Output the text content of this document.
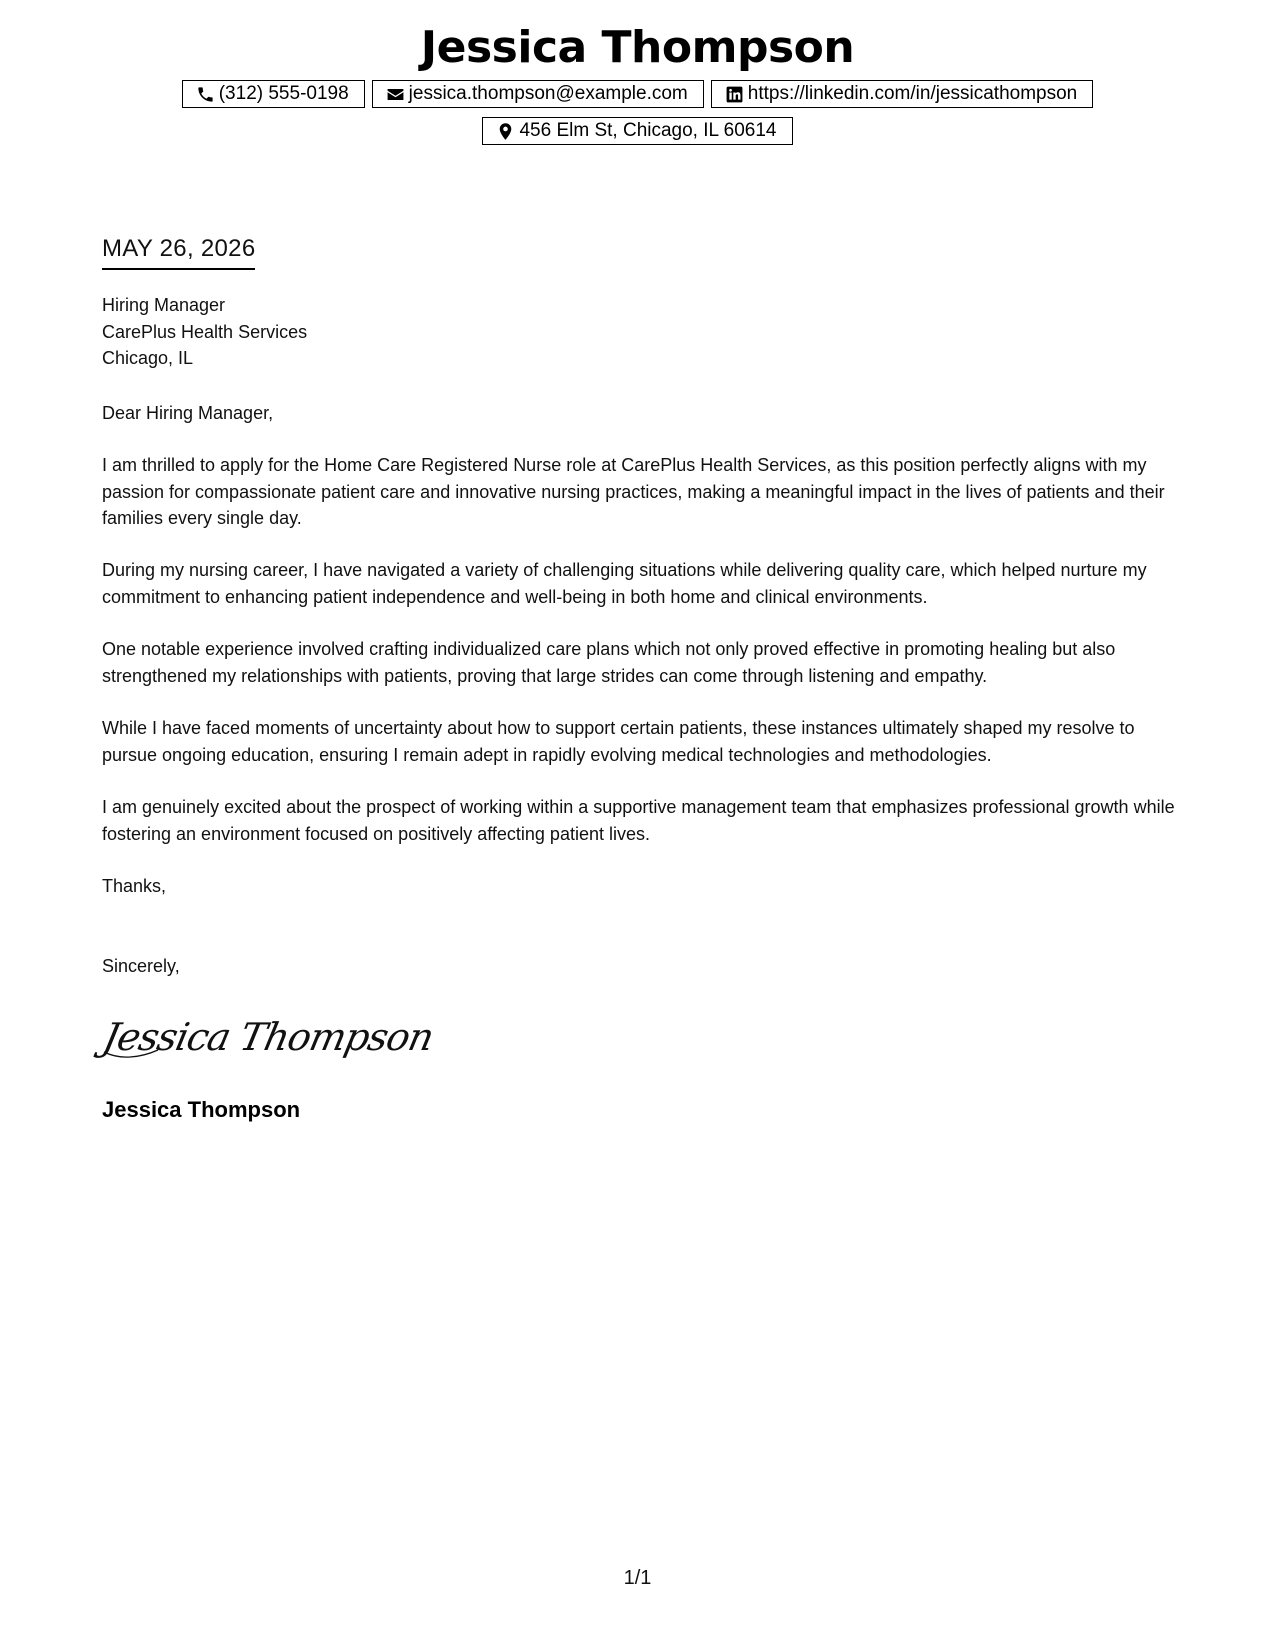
Jessica Thompson
(312) 555-0198	jessica.thompson@example.com	https://linkedin.com/in/jessicathompson
456 Elm St, Chicago, IL 60614
MAY 26, 2026
Hiring Manager
CarePlus Health Services
Chicago, IL

Dear Hiring Manager,

I am thrilled to apply for the Home Care Registered Nurse role at CarePlus Health Services, as this position perfectly aligns with my passion for compassionate patient care and innovative nursing practices, making a meaningful impact in the lives of patients and their families every single day.

During my nursing career, I have navigated a variety of challenging situations while delivering quality care, which helped nurture my commitment to enhancing patient independence and well-being in both home and clinical environments.

One notable experience involved crafting individualized care plans which not only proved effective in promoting healing but also strengthened my relationships with patients, proving that large strides can come through listening and empathy.

While I have faced moments of uncertainty about how to support certain patients, these instances ultimately shaped my resolve to pursue ongoing education, ensuring I remain adept in rapidly evolving medical technologies and methodologies.

I am genuinely excited about the prospect of working within a supportive management team that emphasizes professional growth while fostering an environment focused on positively affecting patient lives.

Thanks,

Sincerely,

Jessica Thompson
Jessica Thompson
1/1
